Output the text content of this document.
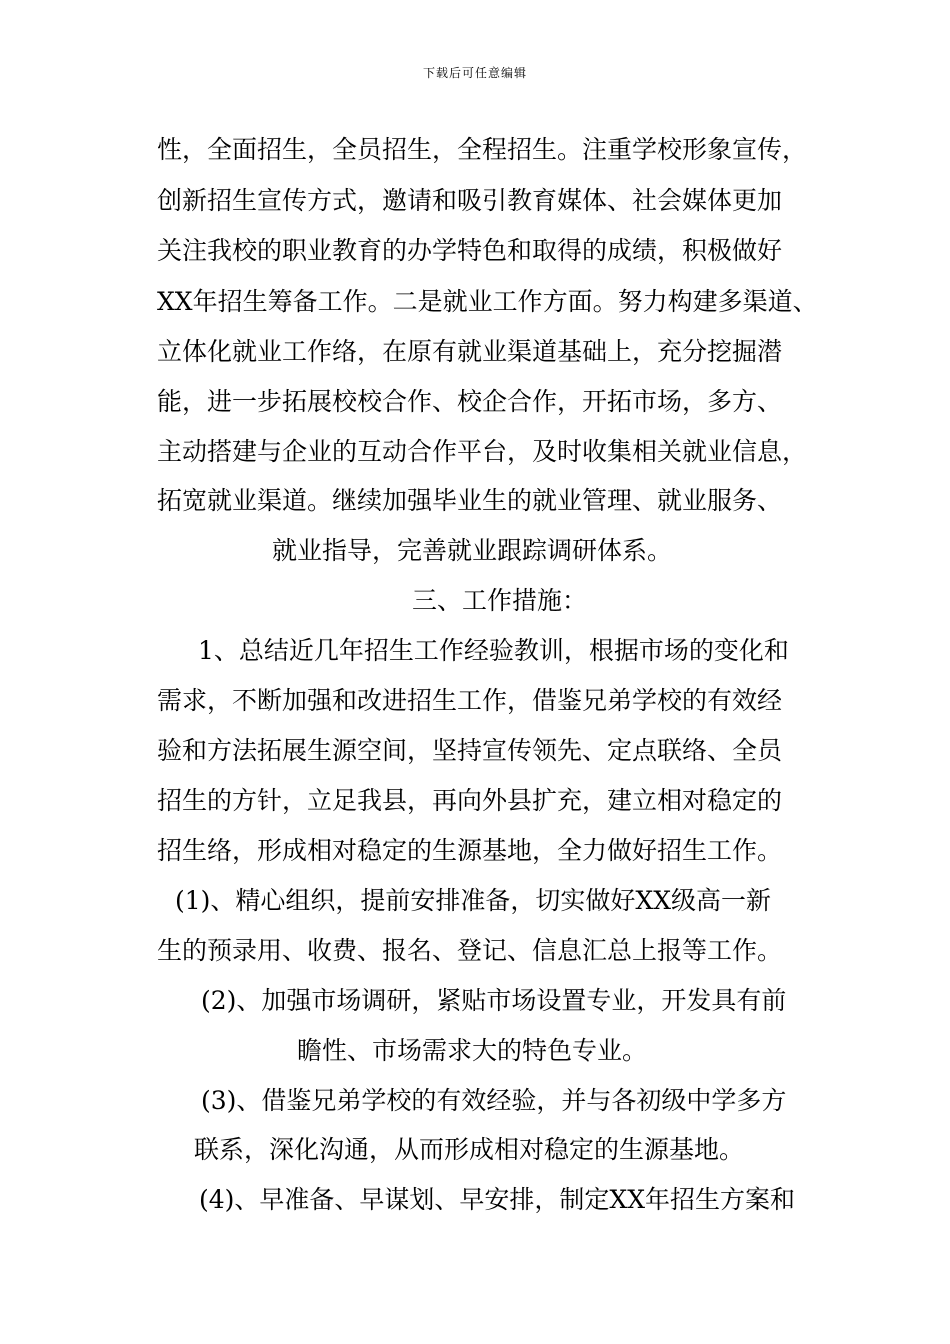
下载后可任意编辑
性，全面招生，全员招生，全程招生。注重学校形象宣传，
创新招生宣传方式，邀请和吸引教育媒体、社会媒体更加
关注我校的职业教育的办学特色和取得的成绩，积极做好
XX年招生筹备工作。二是就业工作方面。努力构建多渠道、
立体化就业工作络，在原有就业渠道基础上，充分挖掘潜
能，进一步拓展校校合作、校企合作，开拓市场，多方、
主动搭建与企业的互动合作平台，及时收集相关就业信息，
拓宽就业渠道。继续加强毕业生的就业管理、就业服务、
就业指导，完善就业跟踪调研体系。
三、工作措施：
1、总结近几年招生工作经验教训，根据市场的变化和
需求，不断加强和改进招生工作，借鉴兄弟学校的有效经
验和方法拓展生源空间，坚持宣传领先、定点联络、全员
招生的方针，立足我县，再向外县扩充，建立相对稳定的
招生络，形成相对稳定的生源基地，全力做好招生工作。
(1)、精心组织，提前安排准备，切实做好XX级高一新
生的预录用、收费、报名、登记、信息汇总上报等工作。
(2)、加强市场调研，紧贴市场设置专业，开发具有前
瞻性、市场需求大的特色专业。
(3)、借鉴兄弟学校的有效经验，并与各初级中学多方
联系，深化沟通，从而形成相对稳定的生源基地。
(4)、早准备、早谋划、早安排，制定XX年招生方案和
